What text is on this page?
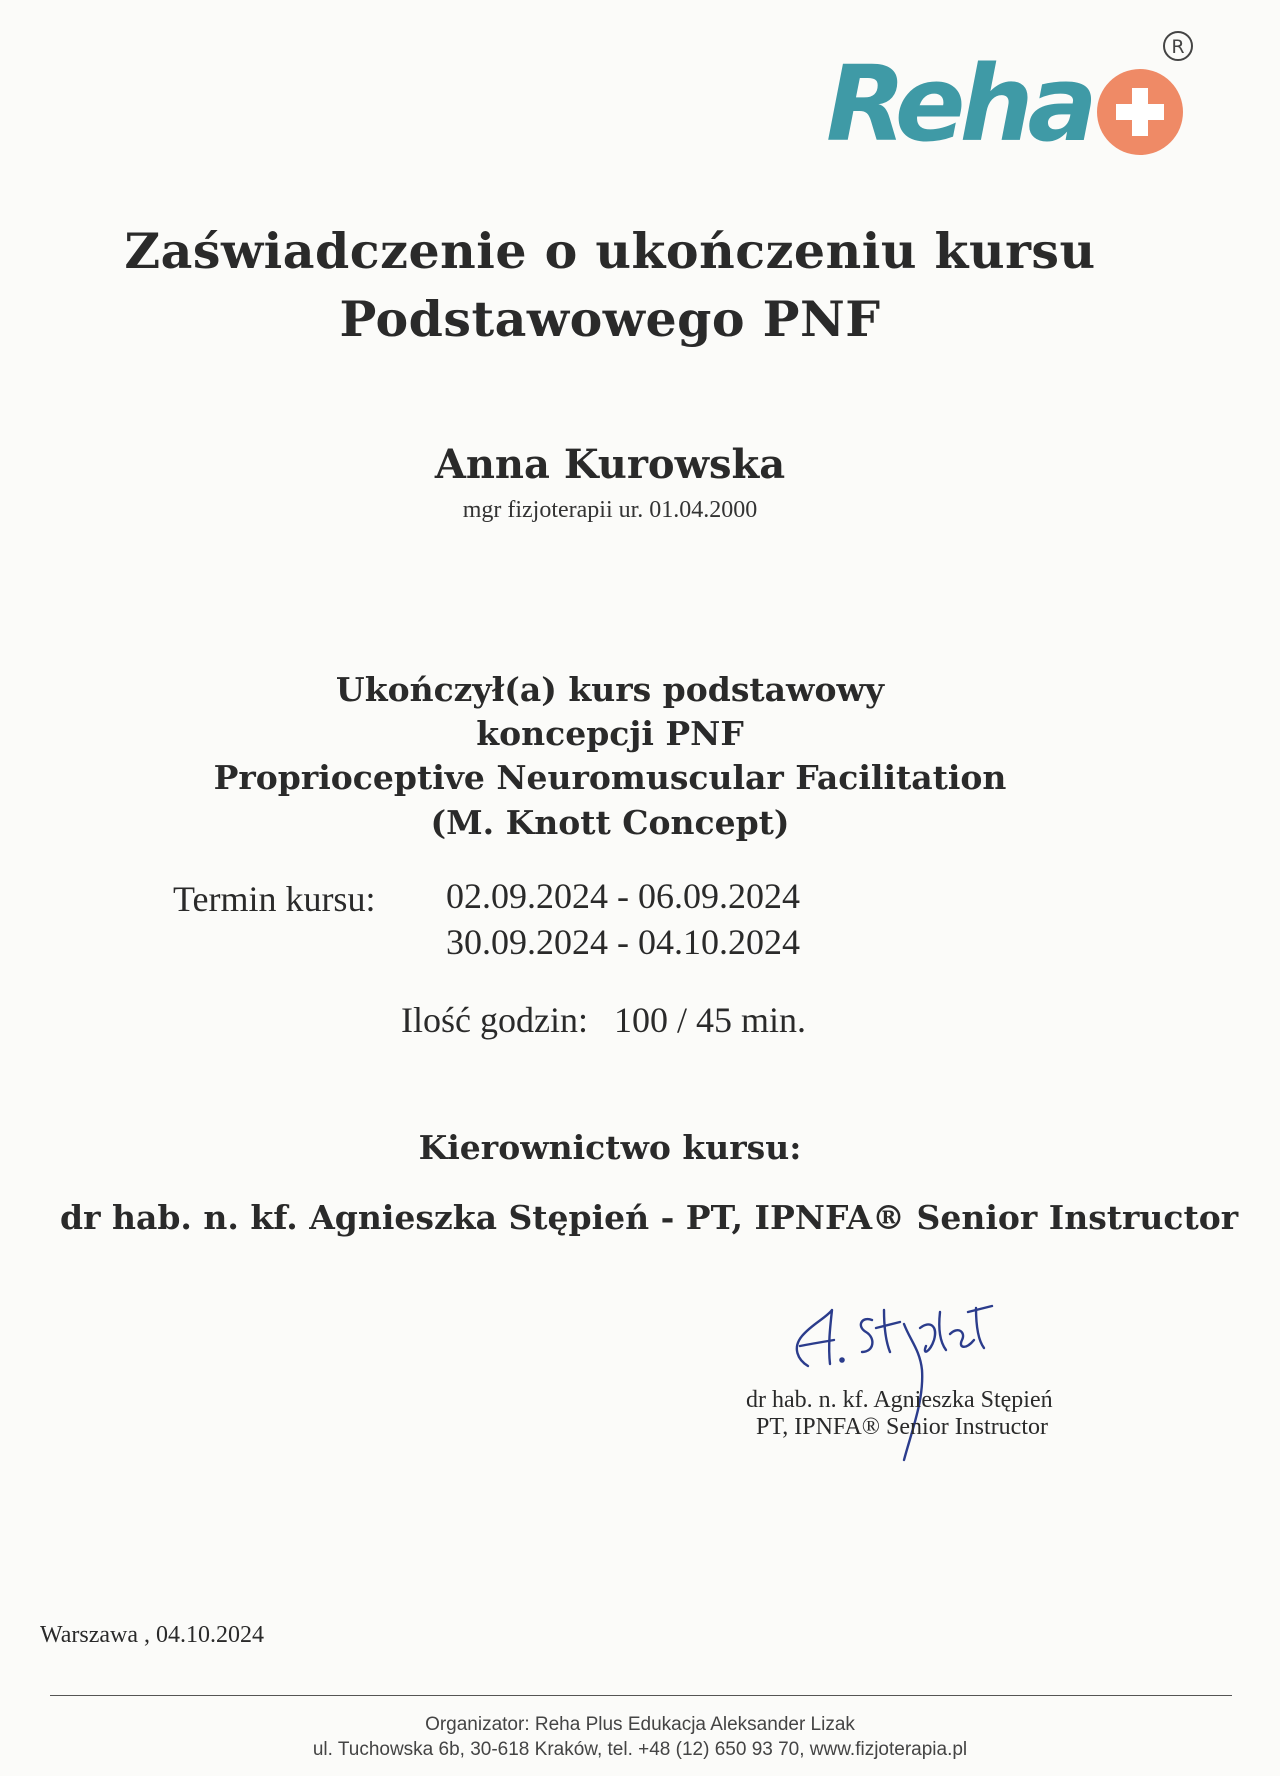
Reha	R
Zaświadczenie o ukończeniu kursu
Podstawowego PNF
Anna Kurowska
mgr fizjoterapii ur. 01.04.2000
Ukończył(a) kurs podstawowy
koncepcji PNF
Proprioceptive Neuromuscular Facilitation
(M. Knott Concept)
Termin kursu: 02.09.2024 - 06.09.2024
30.09.2024 - 04.10.2024
Ilość godzin: 100 / 45 min.
Kierownictwo kursu:
dr hab. n. kf. Agnieszka Stępień - PT, IPNFA® Senior Instructor
dr hab. n. kf. Agnieszka Stępień
PT, IPNFA® Senior Instructor
Warszawa , 04.10.2024
Organizator: Reha Plus Edukacja Aleksander Lizak
ul. Tuchowska 6b, 30-618 Kraków, tel. +48 (12) 650 93 70, www.fizjoterapia.pl
